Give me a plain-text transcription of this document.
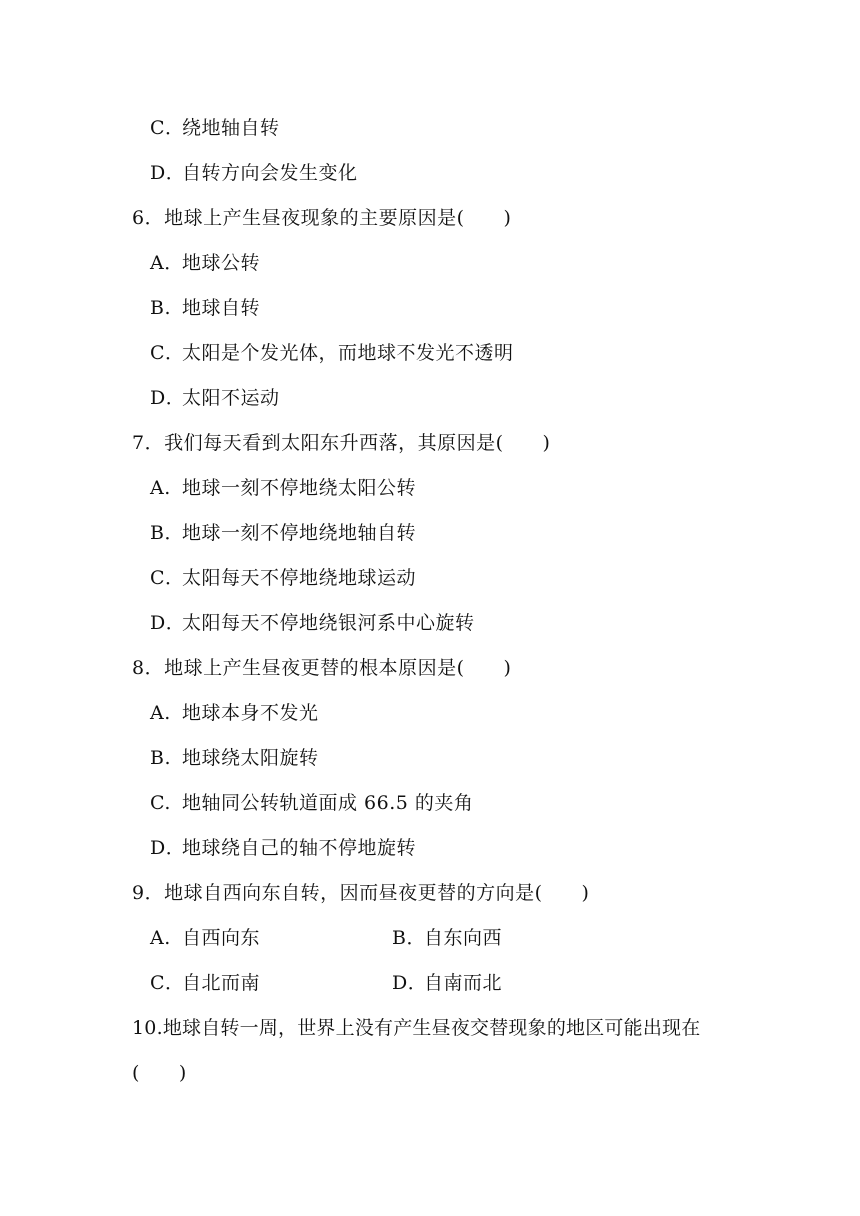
C．绕地轴自转
D．自转方向会发生变化
6．地球上产生昼夜现象的主要原因是(　　)
A．地球公转
B. 地球自转
C．太阳是个发光体，而地球不发光不透明
D．太阳不运动
7．我们每天看到太阳东升西落，其原因是(　　)
A. 地球一刻不停地绕太阳公转
B．地球一刻不停地绕地轴自转
C．太阳每天不停地绕地球运动
D．太阳每天不停地绕银河系中心旋转
8．地球上产生昼夜更替的根本原因是(　　)
A. 地球本身不发光
B. 地球绕太阳旋转
C. 地轴同公转轨道面成 66.5 的夹角
D．地球绕自己的轴不停地旋转
9．地球自西向东自转，因而昼夜更替的方向是(　　)
A. 自西向东	B．自东向西
C．自北而南	D．自南而北
10.地球自转一周，世界上没有产生昼夜交替现象的地区可能出现在
(　　)
